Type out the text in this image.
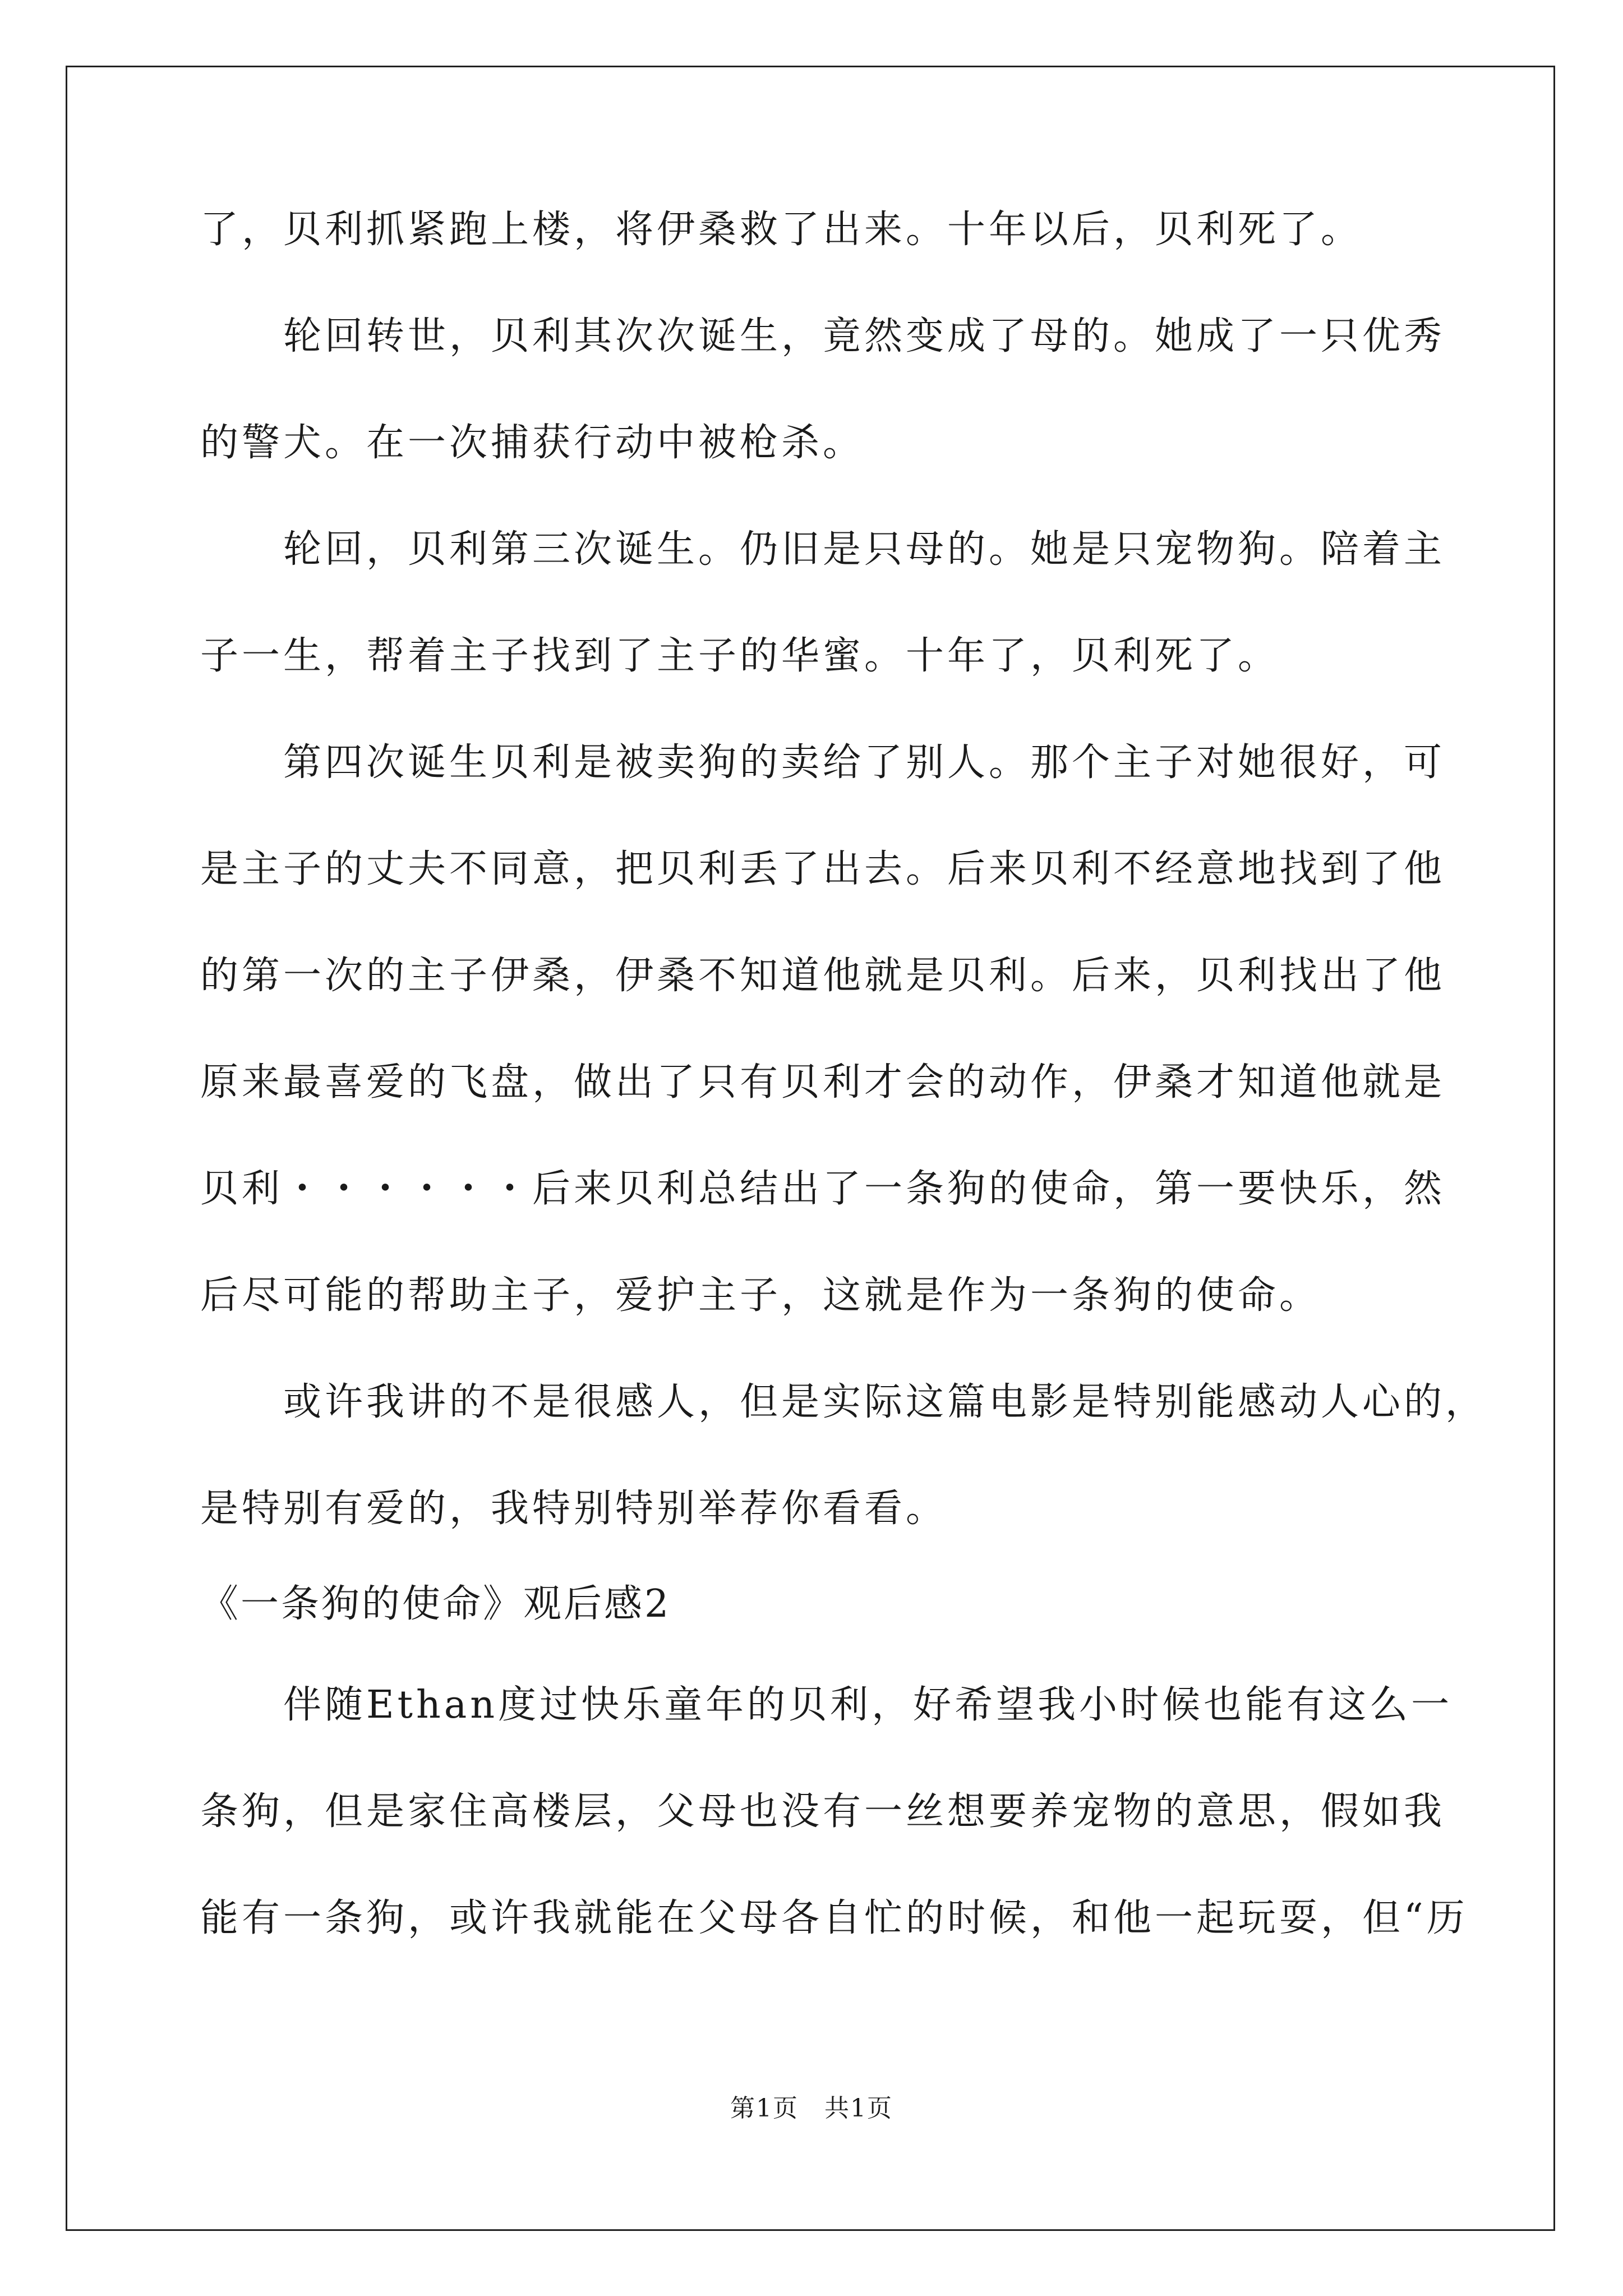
了，贝利抓紧跑上楼，将伊桑救了出来。十年以后，贝利死了。
轮回转世，贝利其次次诞生，竟然变成了母的。她成了一只优秀
的警犬。在一次捕获行动中被枪杀。
轮回，贝利第三次诞生。仍旧是只母的。她是只宠物狗。陪着主
子一生，帮着主子找到了主子的华蜜。十年了，贝利死了。
第四次诞生贝利是被卖狗的卖给了别人。那个主子对她很好，可
是主子的丈夫不同意，把贝利丢了出去。后来贝利不经意地找到了他
的第一次的主子伊桑，伊桑不知道他就是贝利。后来，贝利找出了他
原来最喜爱的飞盘，做出了只有贝利才会的动作，伊桑才知道他就是
贝利・・・・・・后来贝利总结出了一条狗的使命，第一要快乐，然
后尽可能的帮助主子，爱护主子，这就是作为一条狗的使命。
或许我讲的不是很感人，但是实际这篇电影是特别能感动人心的，
是特别有爱的，我特别特别举荐你看看。
《一条狗的使命》观后感2
伴随Ethan度过快乐童年的贝利，好希望我小时候也能有这么一
条狗，但是家住高楼层，父母也没有一丝想要养宠物的意思，假如我
能有一条狗，或许我就能在父母各自忙的时候，和他一起玩耍，但“历
第1页　共1页
